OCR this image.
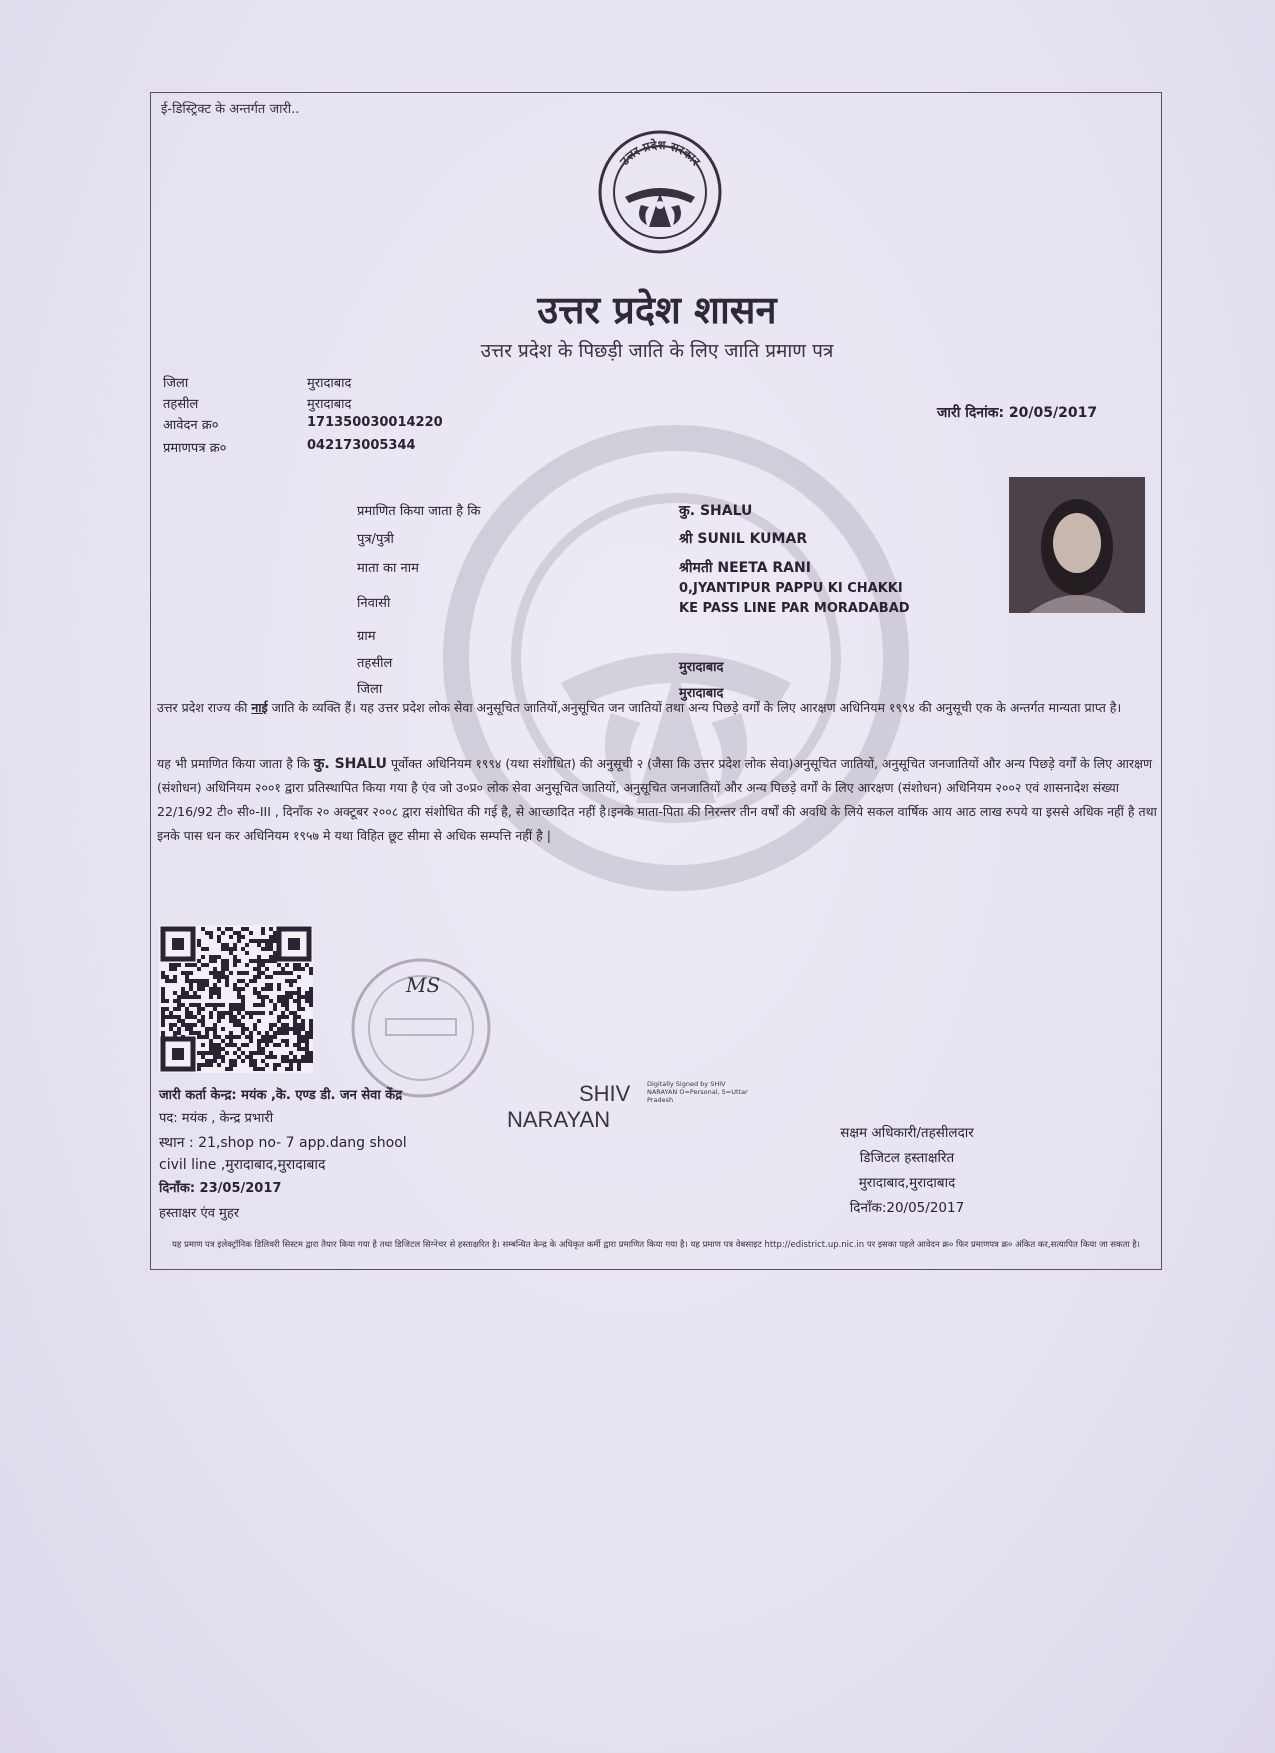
ई-डिस्ट्रिक्ट के अन्तर्गत जारी..
उत्तर प्रदेश सरकार
उत्तर प्रदेश शासन
उत्तर प्रदेश के पिछड़ी जाति के लिए जाति प्रमाण पत्र
जिला	मुरादाबाद
तहसील	मुरादाबाद
आवेदन क्र०	171350030014220
प्रमाणपत्र क्र०	042173005344
जारी दिनांक: 20/05/2017
प्रमाणित किया जाता है कि	कु. SHALU
पुत्र/पुत्री	श्री SUNIL KUMAR
माता का नाम	श्रीमती NEETA RANI
निवासी
0,JYANTIPUR PAPPU KI CHAKKI
KE PASS LINE PAR MORADABAD
ग्राम
तहसील	मुरादाबाद
जिला	मुरादाबाद
उत्तर प्रदेश राज्य की नाई जाति के व्यक्ति हैं। यह उत्तर प्रदेश लोक सेवा अनुसूचित जातियों,अनुसूचित जन जातियों तथा अन्य पिछड़े वर्गों के लिए आरक्षण अधिनियम १९९४ की अनुसूची एक के अन्तर्गत मान्यता प्राप्त है।
यह भी प्रमाणित किया जाता है कि कु. SHALU पूर्वोक्त अधिनियम १९९४ (यथा संशोधित) की अनुसूची २ (जैसा कि उत्तर प्रदेश लोक सेवा)अनुसूचित जातियों, अनुसूचित जनजातियों और अन्य पिछड़े वर्गों के लिए आरक्षण (संशोधन) अधिनियम २००१ द्वारा प्रतिस्थापित किया गया है एंव जो उ०प्र० लोक सेवा अनुसूचित जातियों, अनुसूचित जनजातियों और अन्य पिछड़े वर्गों के लिए आरक्षण (संशोधन) अधिनियम २००२ एवं शासनादेश संख्या 22/16/92 टी० सी०-III , दिनाँक २० अक्टूबर २००८ द्वारा संशोधित की गई है, से आच्छादित नहीं है।इनके माता-पिता की निरन्तर तीन वर्षों की अवधि के लिये सकल वार्षिक आय आठ लाख रुपये या इससे अधिक नहीं है तथा इनके पास धन कर अधिनियम १९५७ मे यथा विहित छूट सीमा से अधिक सम्पत्ति नहीं है |
MS
जारी कर्ता केन्द्र: मयंक ,कॆ. एण्ड डी. जन सेवा केंद्र
पद: मयंक , केन्द्र प्रभारी
स्थान : 21,shop no- 7 app.dang shool
civil line ,मुरादाबाद,मुरादाबाद
दिनाँक: 23/05/2017
हस्ताक्षर एंव मुहर
SHIV
NARAYAN
Digitally Signed by SHIV NARAYAN O=Personal, S=Uttar Pradesh
सक्षम अधिकारी/तहसीलदार
डिजिटल हस्ताक्षरित
मुरादाबाद,मुरादाबाद
दिनाँक:20/05/2017
यह प्रमाण पत्र इलेक्ट्रॉनिक डिलिवरी सिस्टम द्वारा तैयार किया गया है तथा डिजिटल सिग्नेचर से हस्ताक्षरित है। सम्बन्धित केन्द्र के अधिकृत कर्मी द्वारा प्रमाणित किया गया है। यह प्रमाण पत्र वेबसाइट http://edistrict.up.nic.in पर इसका पहले आवेदन क्र० फिर प्रमाणपत्र क्र० अंकित कर,सत्यापित किया जा सकता है।
